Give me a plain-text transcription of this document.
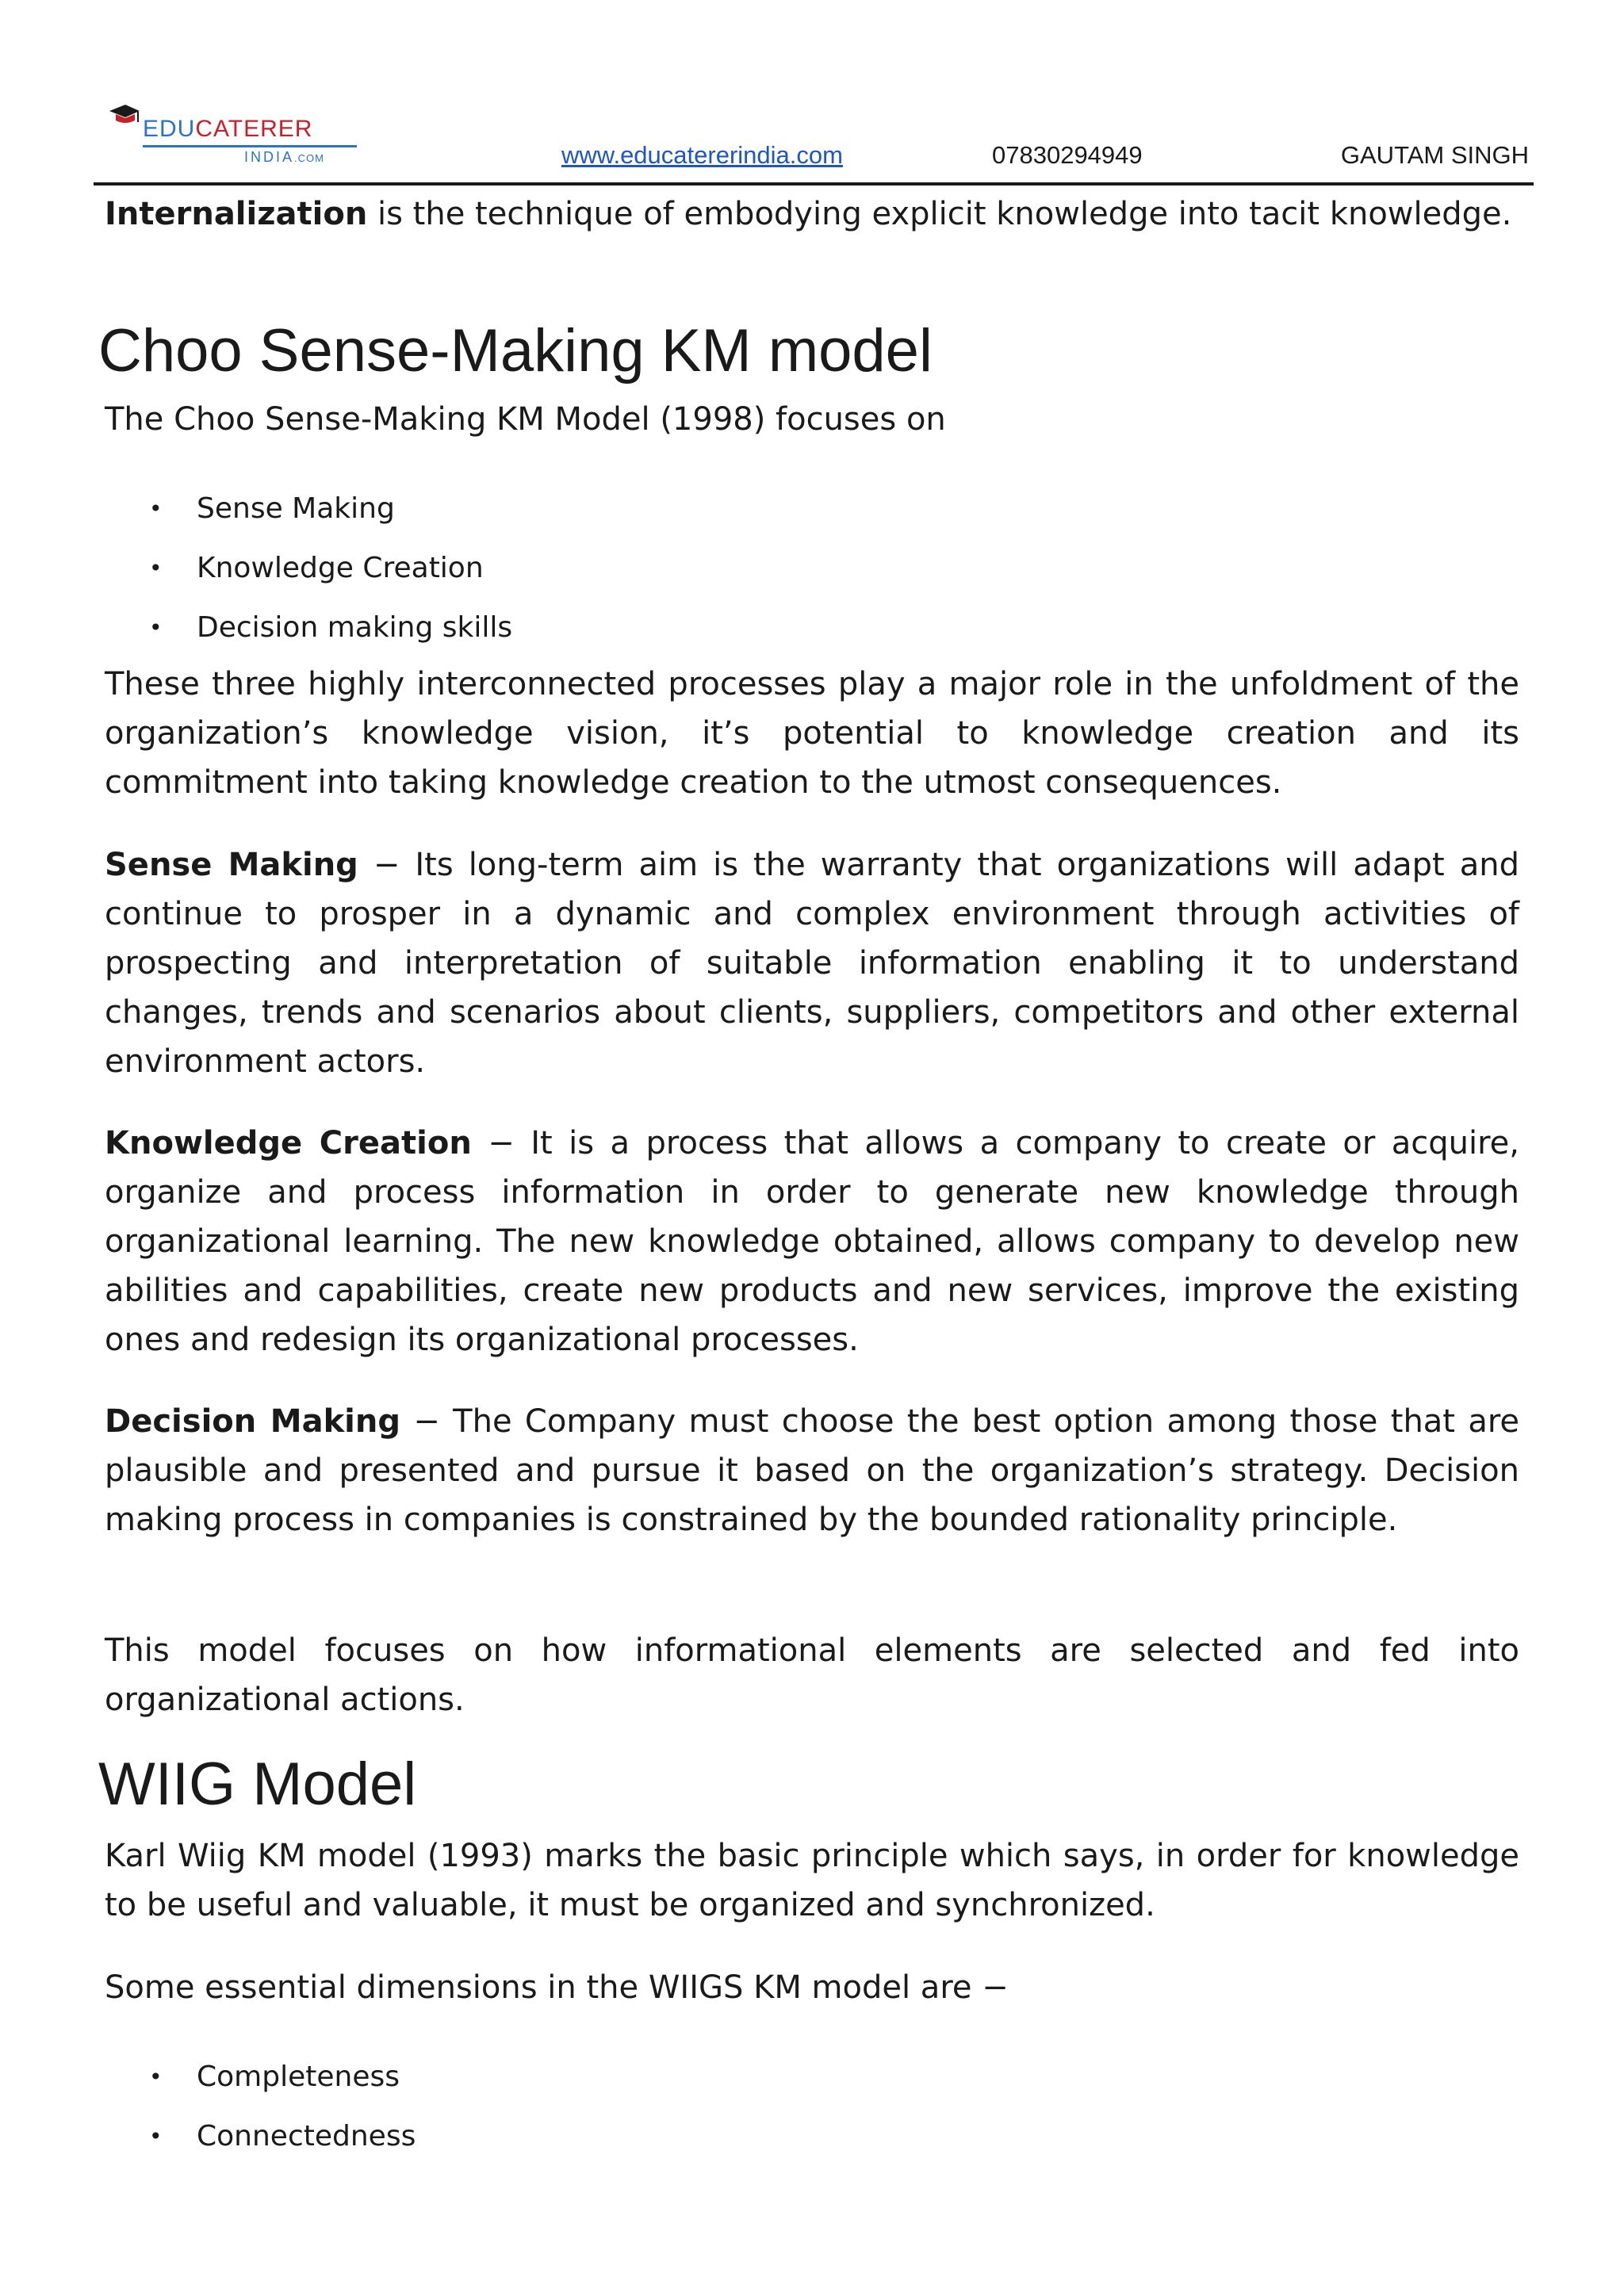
EDUCATERER
INDIA.COM	www.educatererindia.com	07830294949	GAUTAM SINGH

Internalization is the technique of embodying explicit knowledge into tacit knowledge.

Choo Sense-Making KM model

The Choo Sense-Making KM Model (1998) focuses on

• Sense Making
• Knowledge Creation
• Decision making skills

These three highly interconnected processes play a major role in the unfoldment of the organization’s knowledge vision, it’s potential to knowledge creation and its commitment into taking knowledge creation to the utmost consequences.

Sense Making − Its long-term aim is the warranty that organizations will adapt and continue to prosper in a dynamic and complex environment through activities of prospecting and interpretation of suitable information enabling it to understand changes, trends and scenarios about clients, suppliers, competitors and other external environment actors.

Knowledge Creation − It is a process that allows a company to create or acquire, organize and process information in order to generate new knowledge through organizational learning. The new knowledge obtained, allows company to develop new abilities and capabilities, create new products and new services, improve the existing ones and redesign its organizational processes.

Decision Making − The Company must choose the best option among those that are plausible and presented and pursue it based on the organization’s strategy. Decision making process in companies is constrained by the bounded rationality principle.

This model focuses on how informational elements are selected and fed into organizational actions.

WIIG Model

Karl Wiig KM model (1993) marks the basic principle which says, in order for knowledge to be useful and valuable, it must be organized and synchronized.

Some essential dimensions in the WIIGS KM model are −

• Completeness
• Connectedness
